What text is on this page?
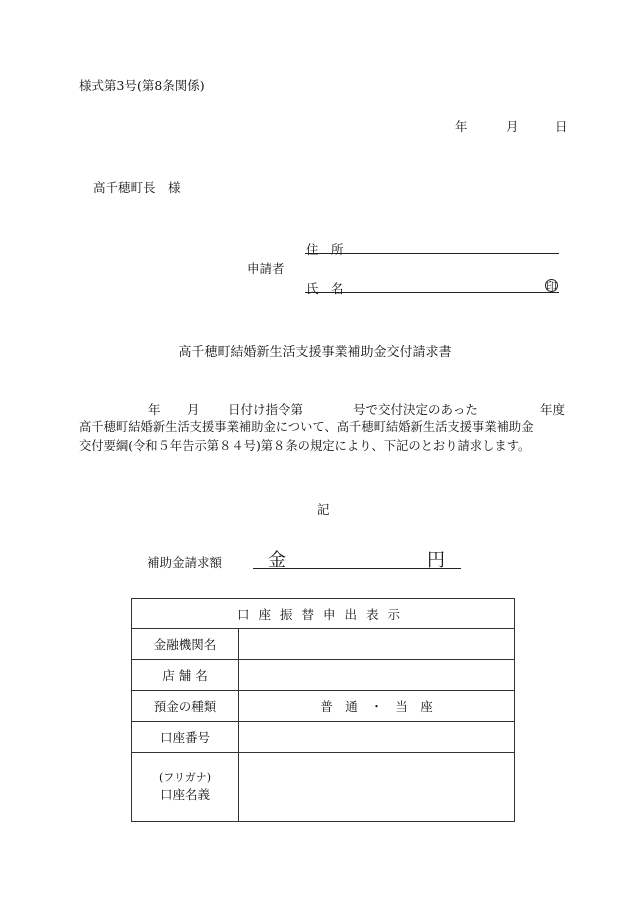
様式第3号(第8条関係)
年	月	日
高千穂町長　様
申請者
住　所
氏　名	印
高千穂町結婚新生活支援事業補助金交付請求書
年 月 日付け指令第	号で交付決定のあった	年度
高千穂町結婚新生活支援事業補助金について、高千穂町結婚新生活支援事業補助金
交付要綱(令和５年告示第８４号)第８条の規定により、下記のとおり請求します。
記
補助金請求額	金	円
口座振替申出表示	
金融機関名	
店 舗 名	
預金の種類	普　通　・　当　座
口座番号	

(フリガナ)
口座名義	
